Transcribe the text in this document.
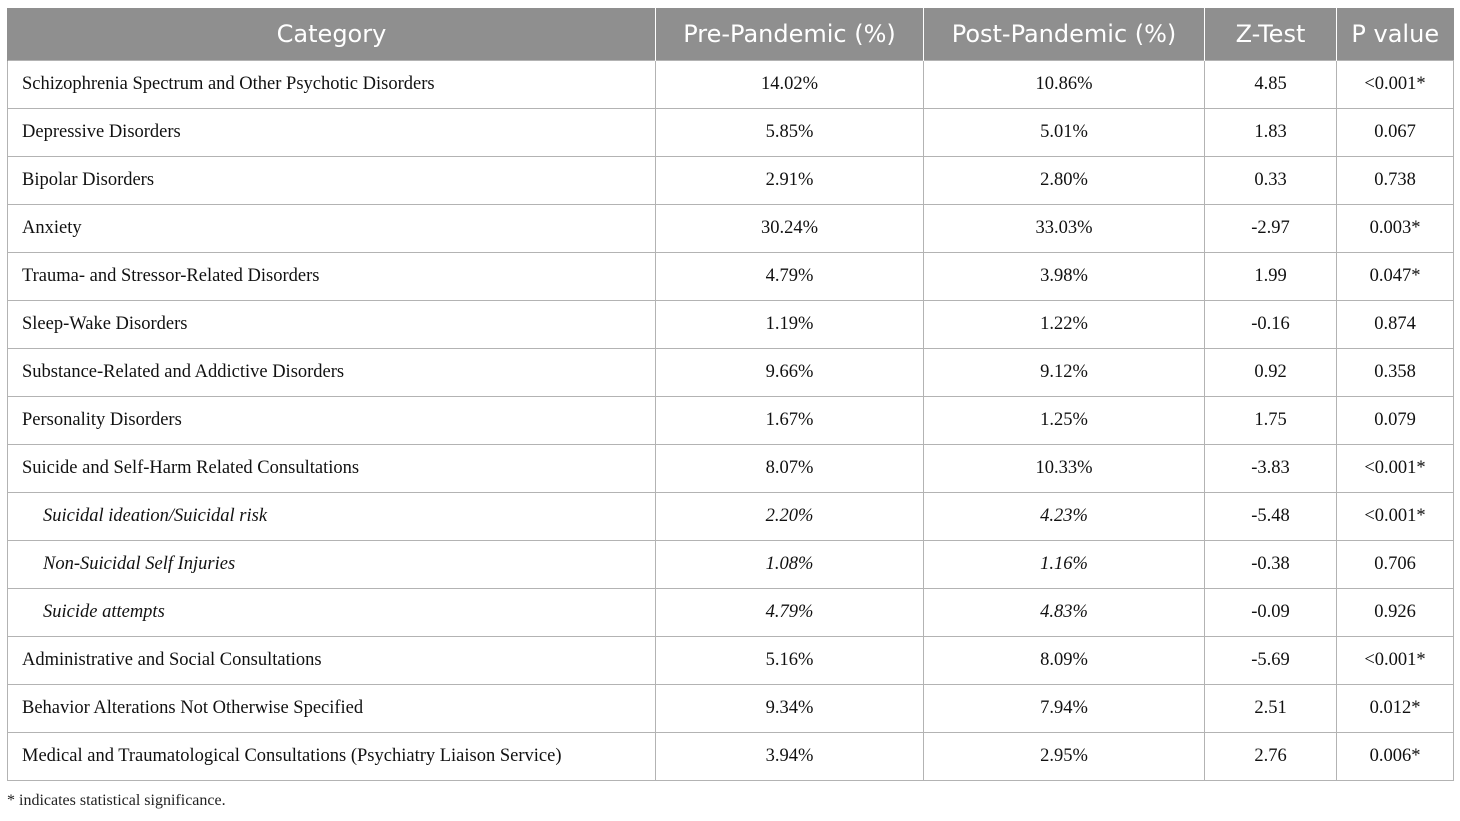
Category	Pre-Pandemic (%)	Post-Pandemic (%)	Z-Test	P value
Schizophrenia Spectrum and Other Psychotic Disorders	14.02%	10.86%	4.85	<0.001*
Depressive Disorders	5.85%	5.01%	1.83	0.067
Bipolar Disorders	2.91%	2.80%	0.33	0.738
Anxiety	30.24%	33.03%	-2.97	0.003*
Trauma- and Stressor-Related Disorders	4.79%	3.98%	1.99	0.047*
Sleep-Wake Disorders	1.19%	1.22%	-0.16	0.874
Substance-Related and Addictive Disorders	9.66%	9.12%	0.92	0.358
Personality Disorders	1.67%	1.25%	1.75	0.079
Suicide and Self-Harm Related Consultations	8.07%	10.33%	-3.83	<0.001*
Suicidal ideation/Suicidal risk	2.20%	4.23%	-5.48	<0.001*
Non-Suicidal Self Injuries	1.08%	1.16%	-0.38	0.706
Suicide attempts	4.79%	4.83%	-0.09	0.926
Administrative and Social Consultations	5.16%	8.09%	-5.69	<0.001*
Behavior Alterations Not Otherwise Specified	9.34%	7.94%	2.51	0.012*
Medical and Traumatological Consultations (Psychiatry Liaison Service)	3.94%	2.95%	2.76	0.006*
* indicates statistical significance.
